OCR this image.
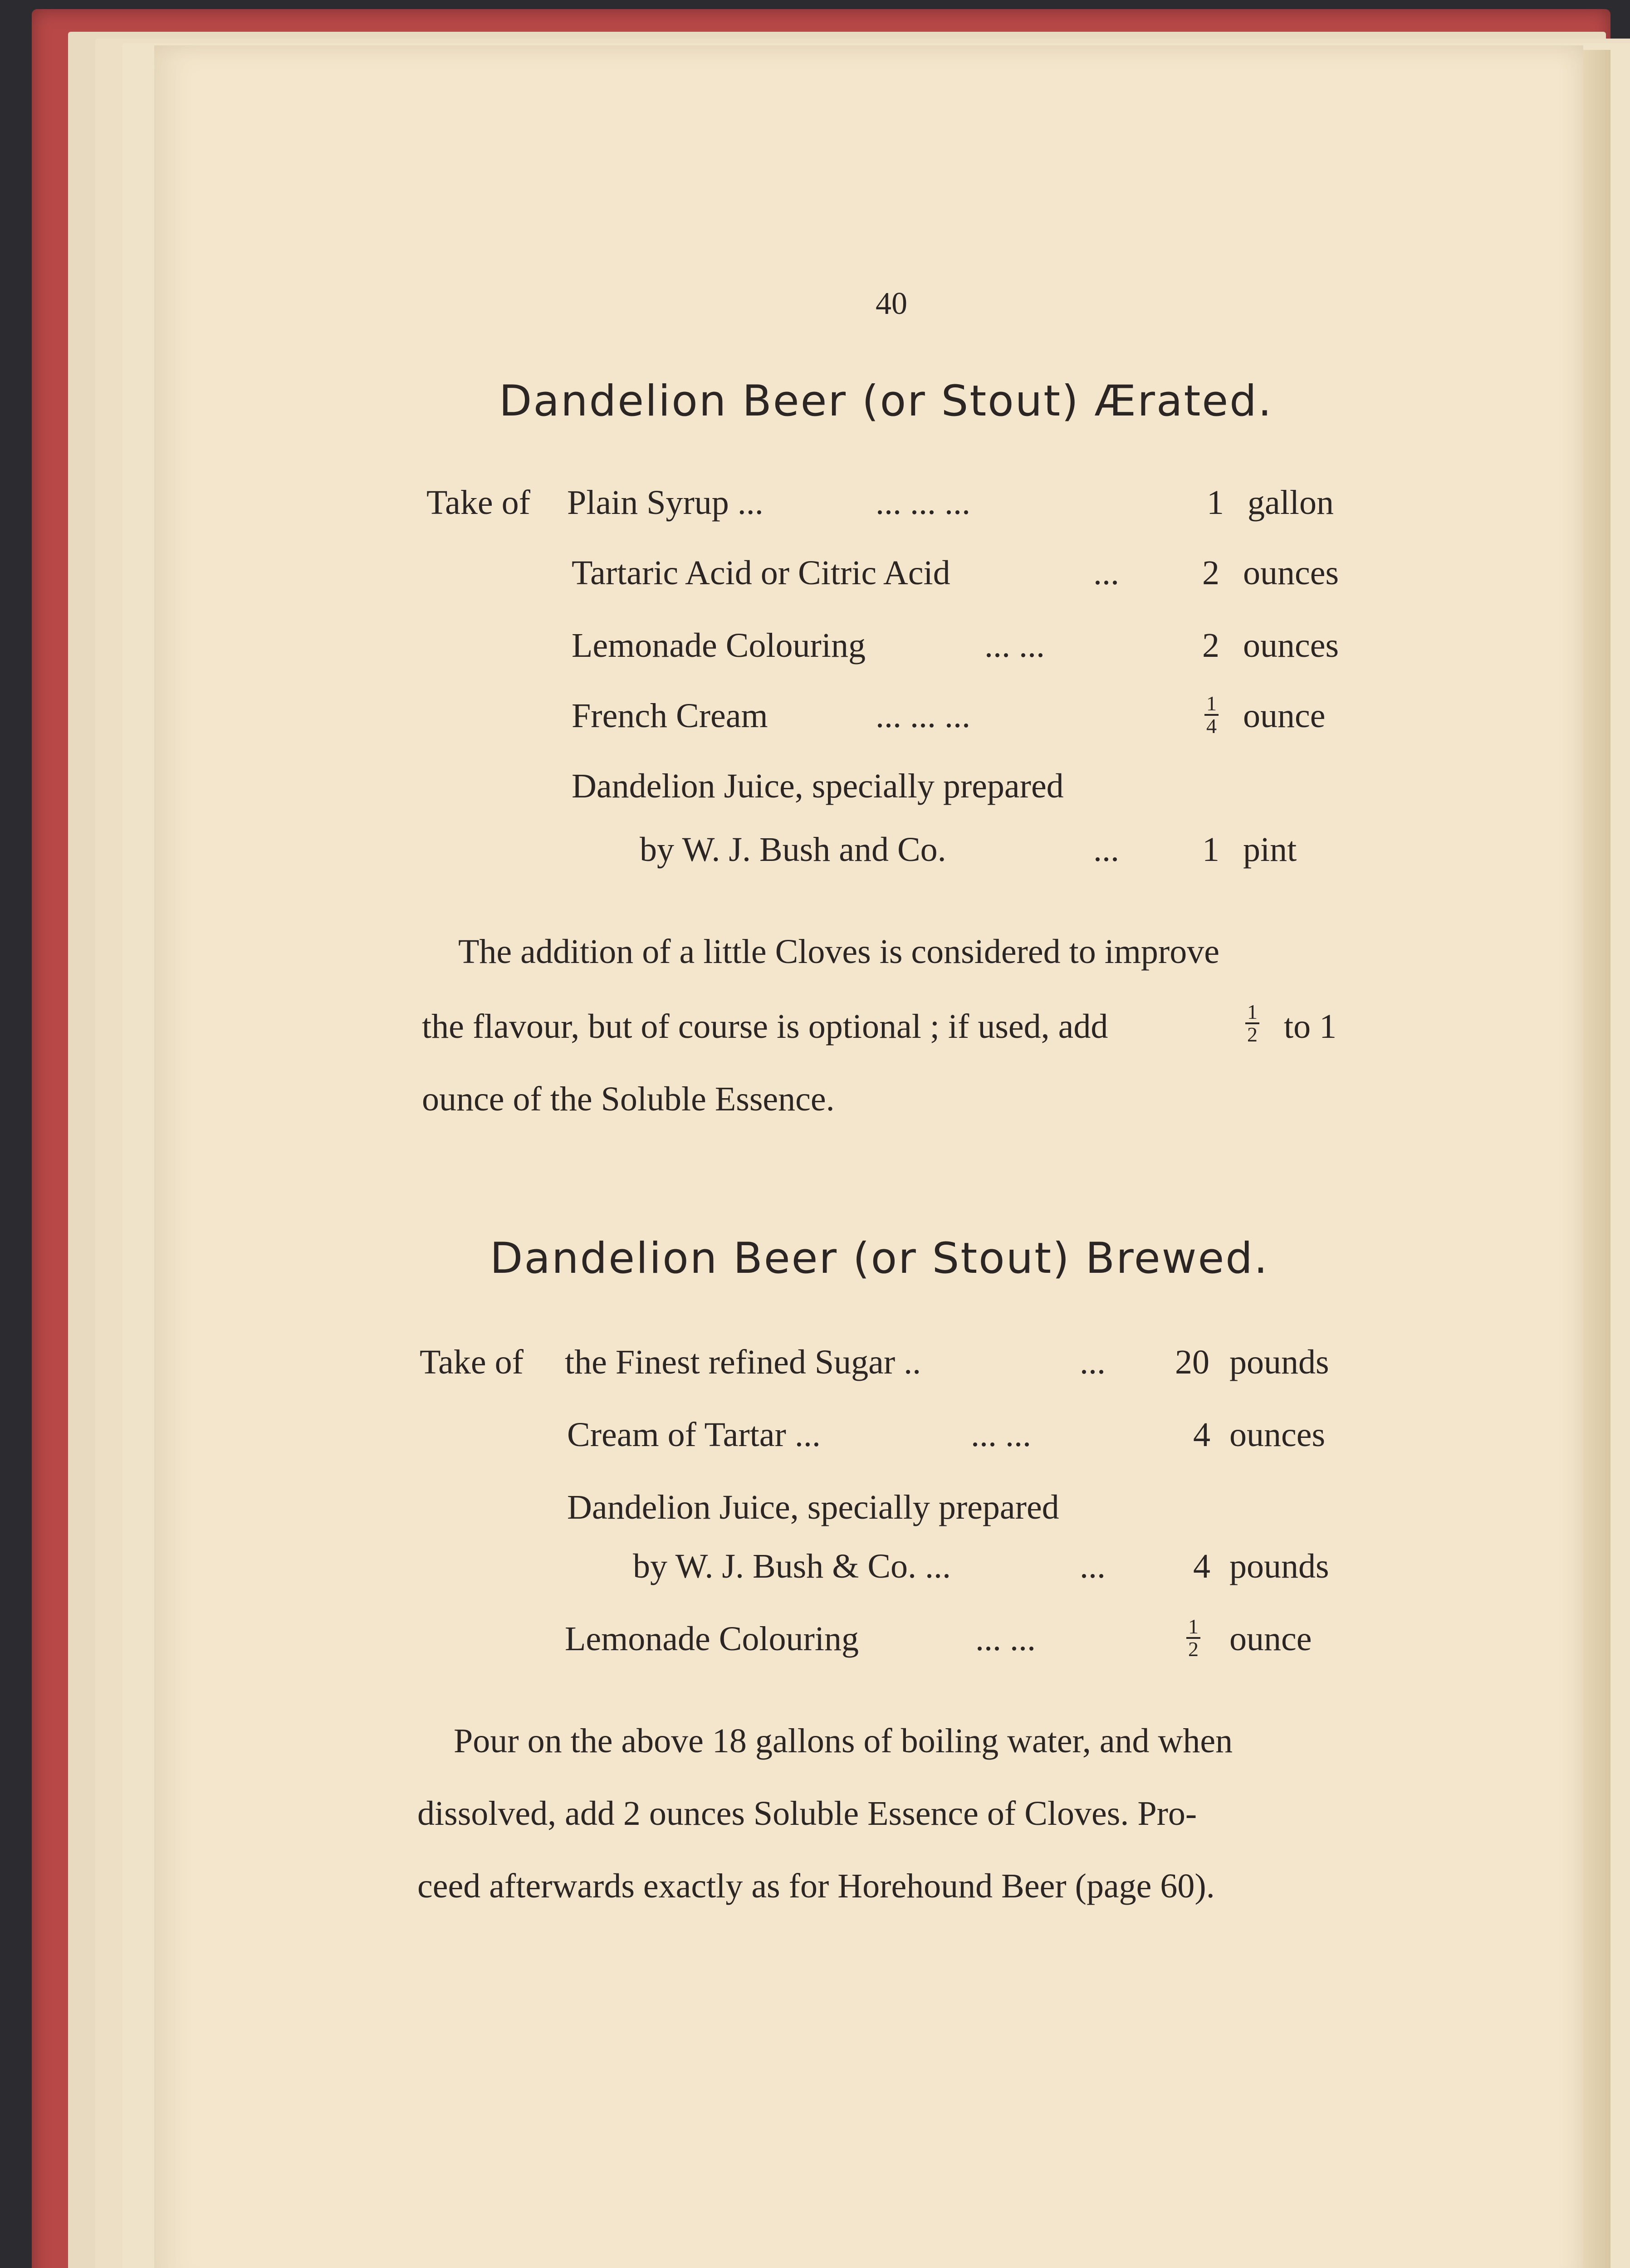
40
Dandelion Beer (or Stout) Ærated.
Take of Plain Syrup ...	... ... ...	1 gallon
Tartaric Acid or Citric Acid	... 2 ounces
Lemonade Colouring	... ...	2 ounces
French Cream	... ... ...	$\frac{1}{4}$ ounce
Dandelion Juice, specially prepared
by W. J. Bush and Co.	... 1 pint
The addition of a little Cloves is considered to improve
the flavour, but of course is optional ; if used, add	$\frac{1}{2}$ to 1
ounce of the Soluble Essence.
Dandelion Beer (or Stout) Brewed.
Take of the Finest refined Sugar ..	... 20 pounds
Cream of Tartar ...	... ...	4 ounces
Dandelion Juice, specially prepared
by W. J. Bush & Co. ...	...	4 pounds
Lemonade Colouring	... ...	$\frac{1}{2}$ ounce
Pour on the above 18 gallons of boiling water, and when
dissolved, add 2 ounces Soluble Essence of Cloves. Pro-
ceed afterwards exactly as for Horehound Beer (page 60).
